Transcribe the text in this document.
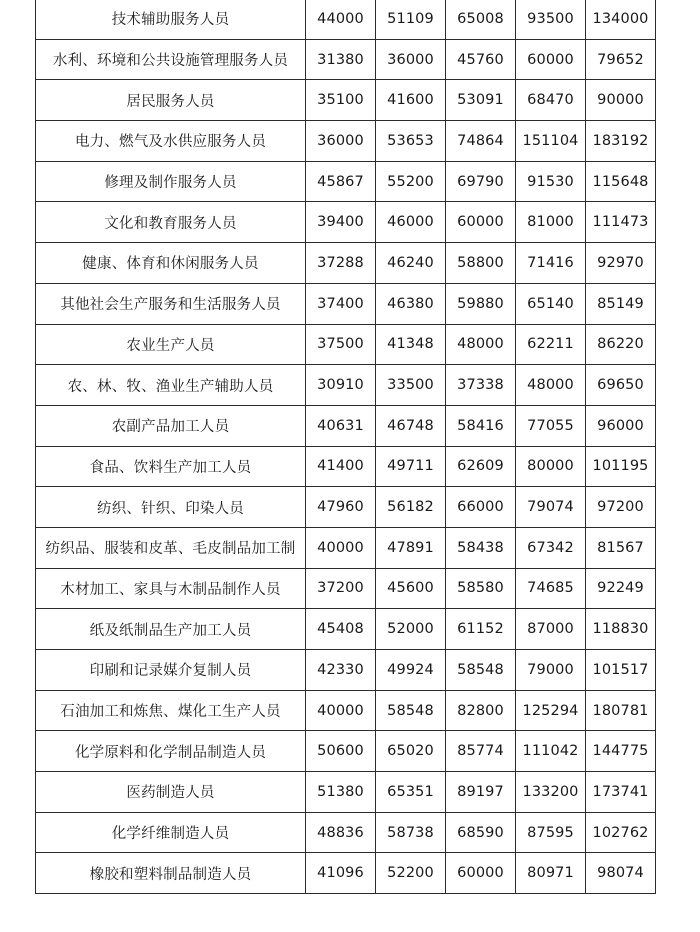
技术辅助服务人员	44000	51109	65008	93500	134000
水利、环境和公共设施管理服务人员	31380	36000	45760	60000	79652
居民服务人员	35100	41600	53091	68470	90000
电力、燃气及水供应服务人员	36000	53653	74864	151104	183192
修理及制作服务人员	45867	55200	69790	91530	115648
文化和教育服务人员	39400	46000	60000	81000	111473
健康、体育和休闲服务人员	37288	46240	58800	71416	92970
其他社会生产服务和生活服务人员	37400	46380	59880	65140	85149
农业生产人员	37500	41348	48000	62211	86220
农、林、牧、渔业生产辅助人员	30910	33500	37338	48000	69650
农副产品加工人员	40631	46748	58416	77055	96000
食品、饮料生产加工人员	41400	49711	62609	80000	101195
纺织、针织、印染人员	47960	56182	66000	79074	97200
纺织品、服装和皮革、毛皮制品加工制	40000	47891	58438	67342	81567
木材加工、家具与木制品制作人员	37200	45600	58580	74685	92249
纸及纸制品生产加工人员	45408	52000	61152	87000	118830
印刷和记录媒介复制人员	42330	49924	58548	79000	101517
石油加工和炼焦、煤化工生产人员	40000	58548	82800	125294	180781
化学原料和化学制品制造人员	50600	65020	85774	111042	144775
医药制造人员	51380	65351	89197	133200	173741
化学纤维制造人员	48836	58738	68590	87595	102762
橡胶和塑料制品制造人员	41096	52200	60000	80971	98074
